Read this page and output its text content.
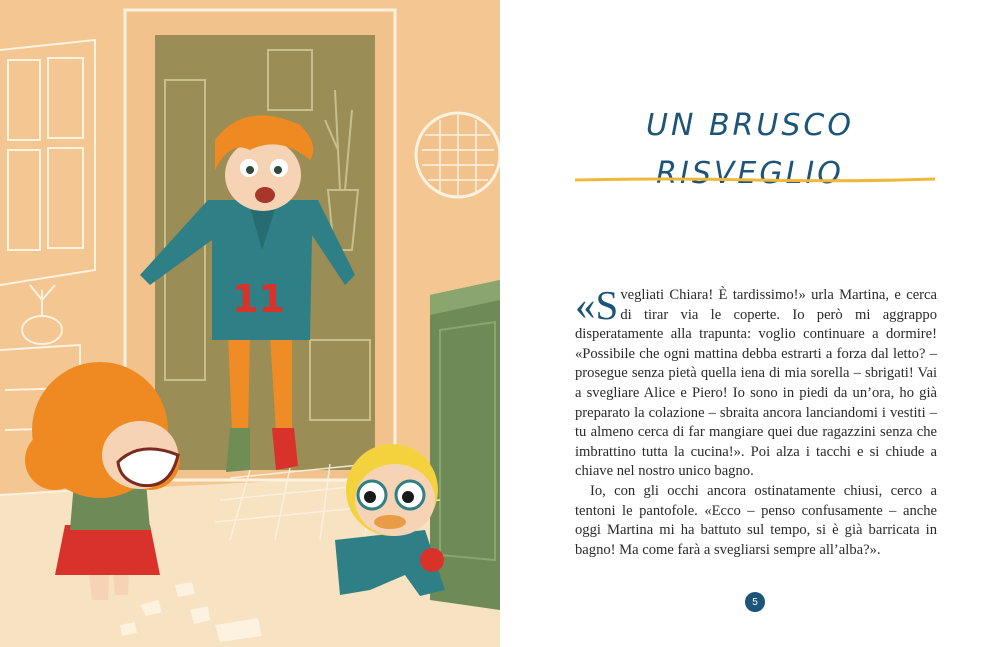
11
UN BRUSCO
RISVEGLIO

«Svegliati Chiara! È tardissimo!» urla Martina, e cerca di tirar via le coperte. Io però mi aggrappo disperatamente alla trapunta: voglio continuare a dormire! «Possibile che ogni mattina debba estrarti a forza dal letto? – prosegue senza pietà quella iena di mia sorella – sbrigati! Vai a svegliare Alice e Piero! Io sono in piedi da un’ora, ho già preparato la colazione – sbraita ancora lanciandomi i vestiti – tu almeno cerca di far mangiare quei due ragazzini senza che imbrattino tutta la cucina!». Poi alza i tacchi e si chiude a chiave nel nostro unico bagno.

Io, con gli occhi ancora ostinatamente chiusi, cerco a tentoni le pantofole. «Ecco – penso confusamente – anche oggi Martina mi ha battuto sul tempo, si è già barricata in bagno! Ma come farà a svegliarsi sempre all’alba?».

5
